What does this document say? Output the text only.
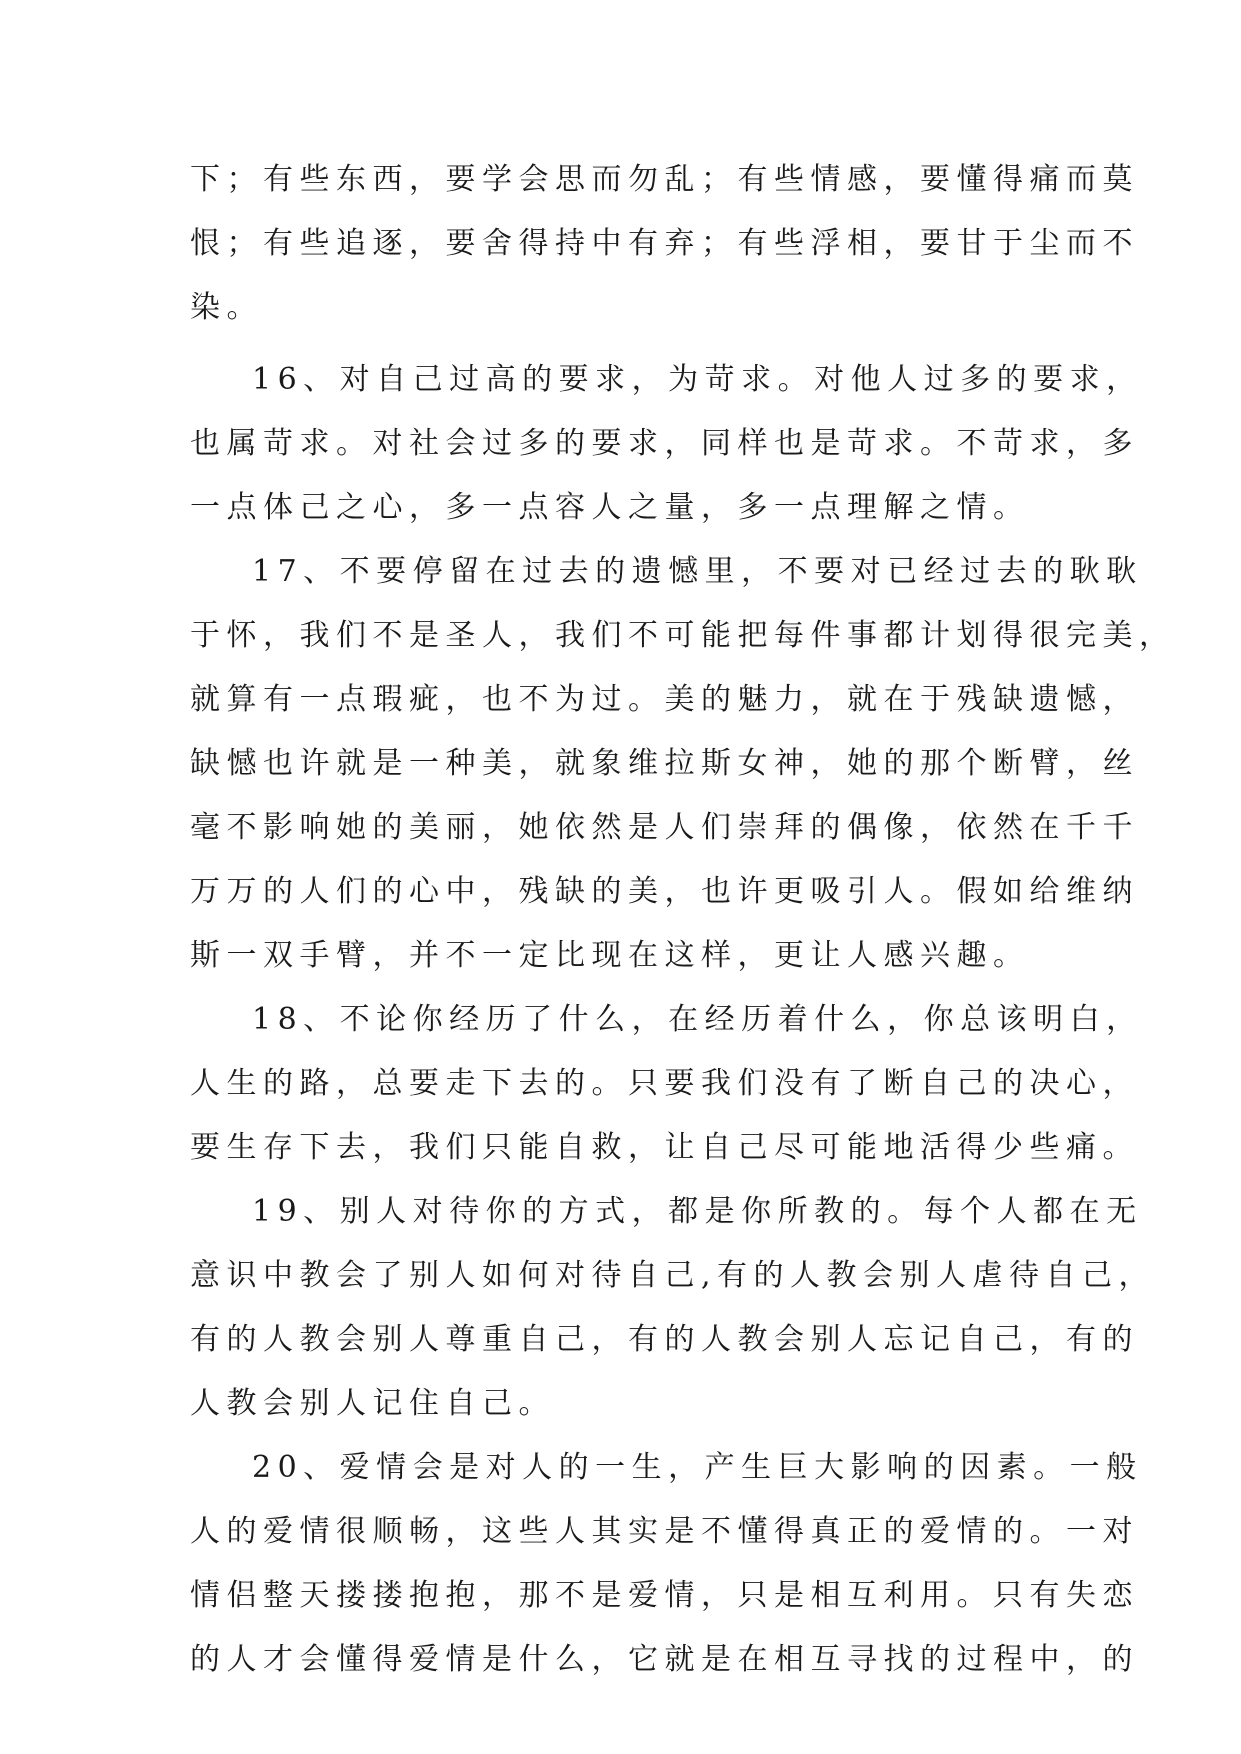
下；有些东西，要学会思而勿乱；有些情感，要懂得痛而莫
恨；有些追逐，要舍得持中有弃；有些浮相，要甘于尘而不
染。
16、对自己过高的要求，为苛求。对他人过多的要求，
也属苛求。对社会过多的要求，同样也是苛求。不苛求，多
一点体己之心，多一点容人之量，多一点理解之情。
17、不要停留在过去的遗憾里，不要对已经过去的耿耿
于怀，我们不是圣人，我们不可能把每件事都计划得很完美，
就算有一点瑕疵，也不为过。美的魅力，就在于残缺遗憾，
缺憾也许就是一种美，就象维拉斯女神，她的那个断臂，丝
毫不影响她的美丽，她依然是人们崇拜的偶像，依然在千千
万万的人们的心中，残缺的美，也许更吸引人。假如给维纳
斯一双手臂，并不一定比现在这样，更让人感兴趣。
18、不论你经历了什么，在经历着什么，你总该明白，
人生的路，总要走下去的。只要我们没有了断自己的决心，
要生存下去，我们只能自救，让自己尽可能地活得少些痛。
19、别人对待你的方式，都是你所教的。每个人都在无
意识中教会了别人如何对待自己,有的人教会别人虐待自己，
有的人教会别人尊重自己，有的人教会别人忘记自己，有的
人教会别人记住自己。
20、爱情会是对人的一生，产生巨大影响的因素。一般
人的爱情很顺畅，这些人其实是不懂得真正的爱情的。一对
情侣整天搂搂抱抱，那不是爱情，只是相互利用。只有失恋
的人才会懂得爱情是什么，它就是在相互寻找的过程中，的
